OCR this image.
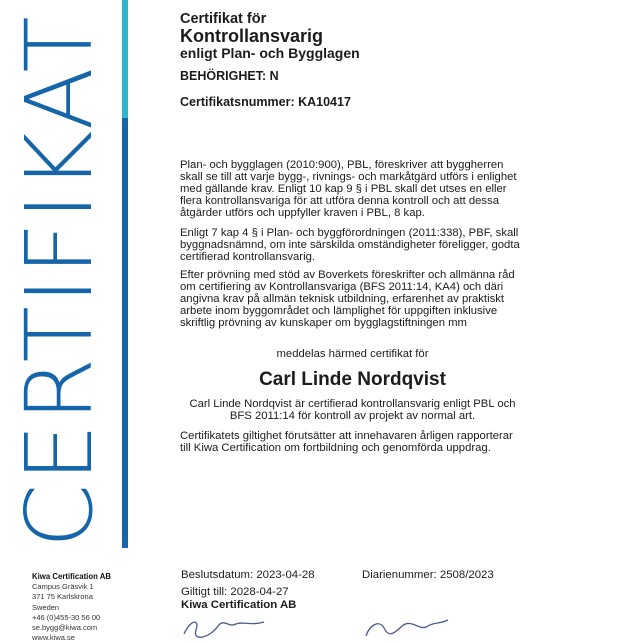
CERTIFIKAT	Certifikat för
Kontrollansvarig
enligt Plan- och Bygglagen
BEHÖRIGHET: N
Certifikatsnummer: KA10417
Plan- och bygglagen (2010:900), PBL, föreskriver att byggherren skall se till att varje bygg-, rivnings- och markåtgärd utförs i enlighet med gällande krav. Enligt 10 kap 9 § i PBL skall det utses en eller flera kontrollansvariga för att utföra denna kontroll och att dessa åtgärder utförs och uppfyller kraven i PBL, 8 kap.
Enligt 7 kap 4 § i Plan- och byggförordningen (2011:338), PBF, skall byggnadsnämnd, om inte särskilda omständigheter föreligger, godta certifierad kontrollansvarig.
Efter prövning med stöd av Boverkets föreskrifter och allmänna råd om certifiering av Kontrollansvariga (BFS 2011:14, KA4) och däri angivna krav på allmän teknisk utbildning, erfarenhet av praktiskt arbete inom byggområdet och lämplighet för uppgiften inklusive skriftlig prövning av kunskaper om bygglagstiftningen mm
meddelas härmed certifikat för
Carl Linde Nordqvist
Carl Linde Nordqvist är certifierad kontrollansvarig enligt PBL och BFS 2011:14 för kontroll av projekt av normal art.
Certifikatets giltighet förutsätter att innehavaren årligen rapporterar till Kiwa Certification om fortbildning och genomförda uppdrag.
Kiwa Certification AB
Campus Gräsvik 1
371 75 Karlskrona
Sweden
+46 (0)455-30 56 00
se.bygg@kiwa.com
www.kiwa.se
Beslutsdatum: 2023-04-28
Giltigt till: 2028-04-27
Kiwa Certification AB
Diarienummer: 2508/2023
